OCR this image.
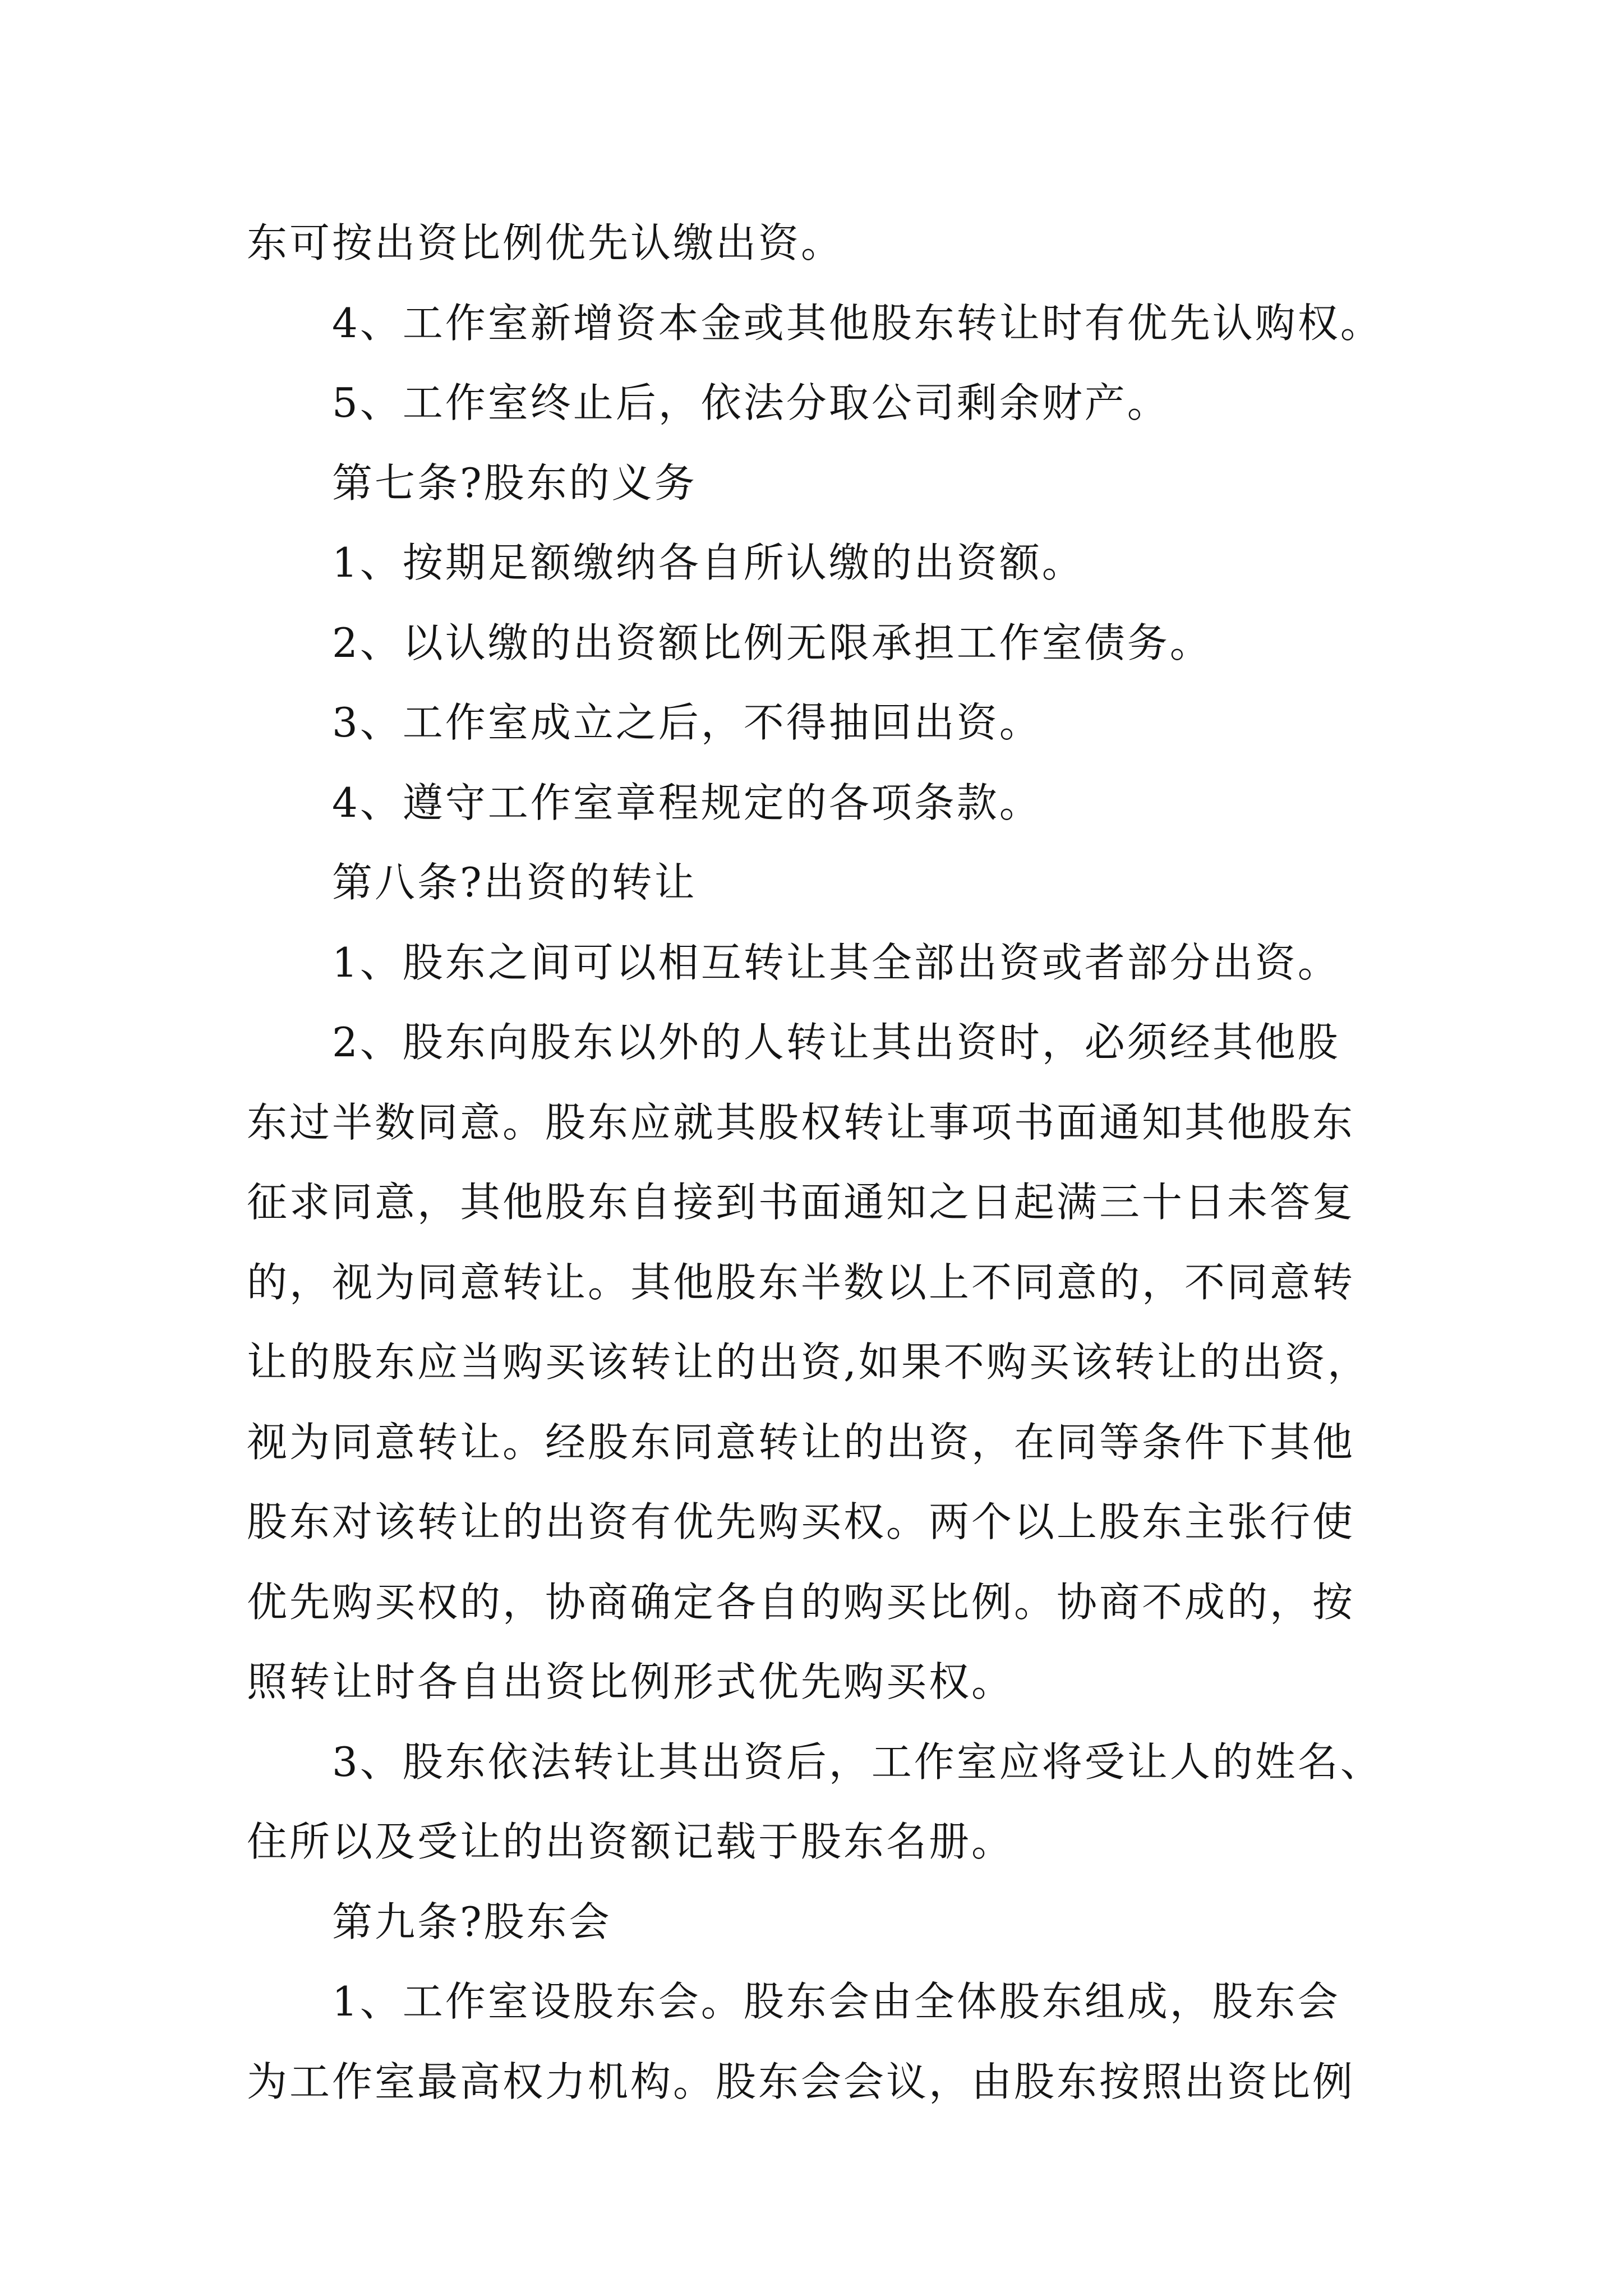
东可按出资比例优先认缴出资。
4、工作室新增资本金或其他股东转让时有优先认购权。
5、工作室终止后，依法分取公司剩余财产。
第七条?股东的义务
1、按期足额缴纳各自所认缴的出资额。
2、以认缴的出资额比例无限承担工作室债务。
3、工作室成立之后，不得抽回出资。
4、遵守工作室章程规定的各项条款。
第八条?出资的转让
1、股东之间可以相互转让其全部出资或者部分出资。
2、股东向股东以外的人转让其出资时，必须经其他股
东过半数同意。股东应就其股权转让事项书面通知其他股东
征求同意，其他股东自接到书面通知之日起满三十日未答复
的，视为同意转让。其他股东半数以上不同意的，不同意转
让的股东应当购买该转让的出资,如果不购买该转让的出资，
视为同意转让。经股东同意转让的出资，在同等条件下其他
股东对该转让的出资有优先购买权。两个以上股东主张行使
优先购买权的，协商确定各自的购买比例。协商不成的，按
照转让时各自出资比例形式优先购买权。
3、股东依法转让其出资后，工作室应将受让人的姓名、
住所以及受让的出资额记载于股东名册。
第九条?股东会
1、工作室设股东会。股东会由全体股东组成，股东会
为工作室最高权力机构。股东会会议，由股东按照出资比例
